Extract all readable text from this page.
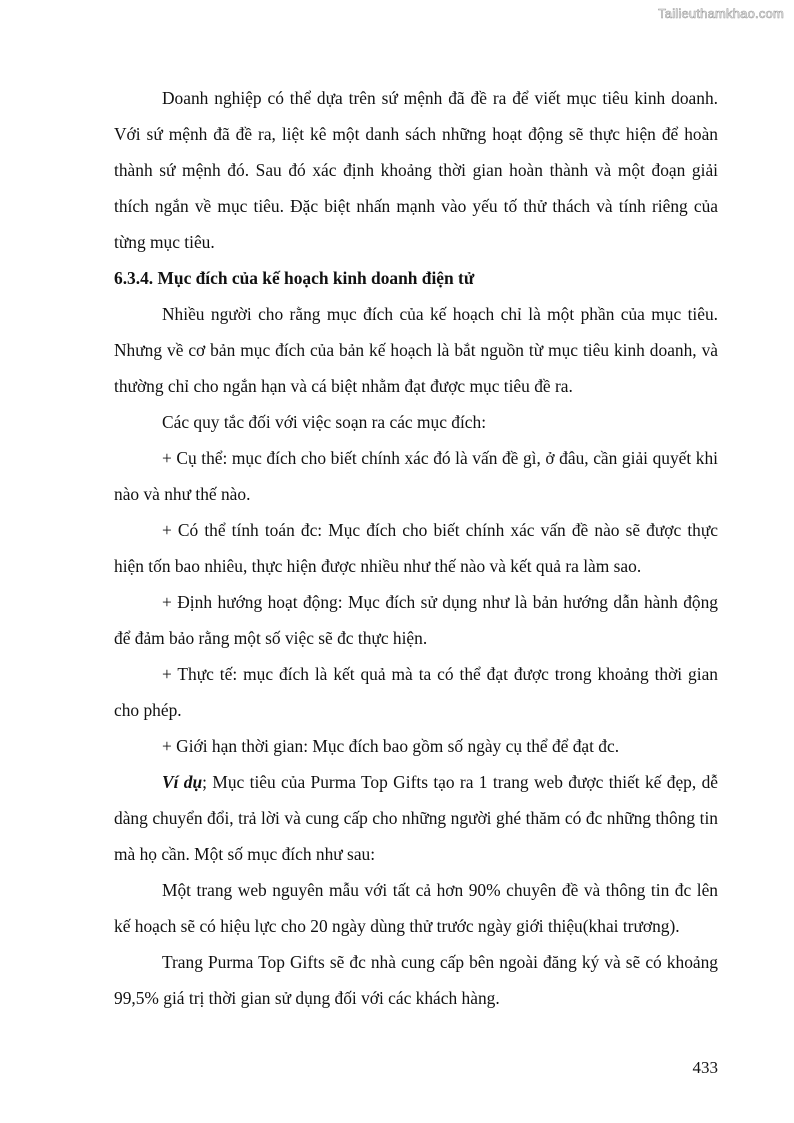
Tailieuthamkhao.com

Doanh nghiệp có thể dựa trên sứ mệnh đã đề ra để viết mục tiêu kinh doanh. Với sứ mệnh đã đề ra, liệt kê một danh sách những hoạt động sẽ thực hiện để hoàn thành sứ mệnh đó. Sau đó xác định khoảng thời gian hoàn thành và một đoạn giải thích ngắn về mục tiêu. Đặc biệt nhấn mạnh vào yếu tố thử thách và tính riêng của từng mục tiêu.

6.3.4. Mục đích của kế hoạch kinh doanh điện tử

Nhiều người cho rằng mục đích của kế hoạch chỉ là một phần của mục tiêu. Nhưng về cơ bản mục đích của bản kế hoạch là bắt nguồn từ mục tiêu kinh doanh, và thường chỉ cho ngắn hạn và cá biệt nhằm đạt được mục tiêu đề ra.

Các quy tắc đối với việc soạn ra các mục đích:

+ Cụ thể: mục đích cho biết chính xác đó là vấn đề gì, ở đâu, cần giải quyết khi nào và như thế nào.

+ Có thể tính toán đc: Mục đích cho biết chính xác vấn đề nào sẽ được thực hiện tốn bao nhiêu, thực hiện được nhiều như thế nào và kết quả ra làm sao.

+ Định hướng hoạt động: Mục đích sử dụng như là bản hướng dẫn hành động để đảm bảo rằng một số việc sẽ đc thực hiện.

+ Thực tế: mục đích là kết quả mà ta có thể đạt được trong khoảng thời gian cho phép.

+ Giới hạn thời gian: Mục đích bao gồm số ngày cụ thể để đạt đc.

Ví dụ; Mục tiêu của Purma Top Gifts tạo ra 1 trang web được thiết kế đẹp, dễ dàng chuyển đổi, trả lời và cung cấp cho những người ghé thăm có đc những thông tin mà họ cần. Một số mục đích như sau:

Một trang web nguyên mẫu với tất cả hơn 90% chuyên đề và thông tin đc lên kế hoạch sẽ có hiệu lực cho 20 ngày dùng thử trước ngày giới thiệu(khai trương).

Trang Purma Top Gifts sẽ đc nhà cung cấp bên ngoài đăng ký và sẽ có khoảng 99,5% giá trị thời gian sử dụng đối với các khách hàng.

433
